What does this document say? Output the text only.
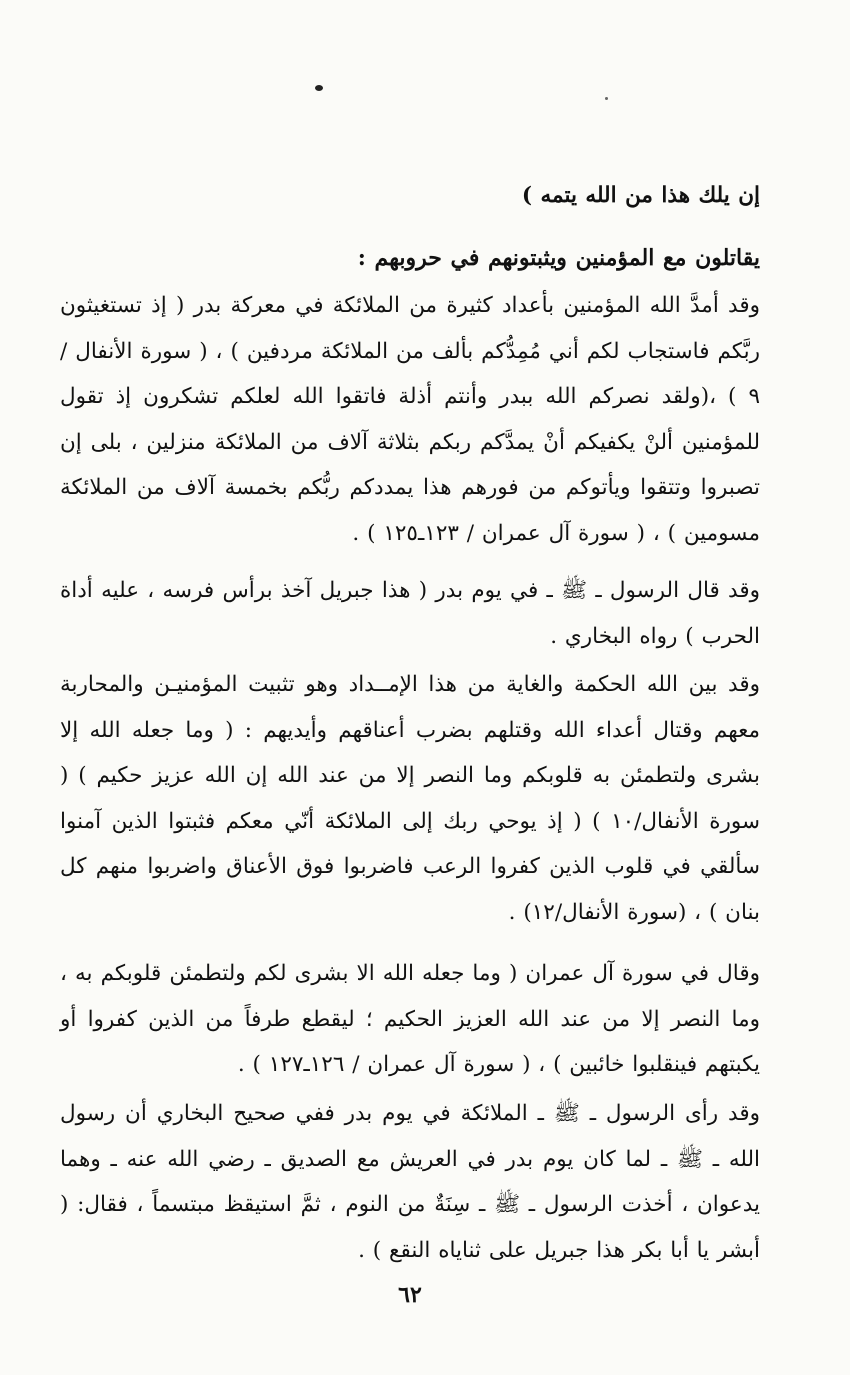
إن يلك هذا من الله يتمه )
يقاتلون مع المؤمنين ويثبتونهم في حروبهم :
وقد أمدَّ الله المؤمنين بأعداد كثيرة من الملائكة في معركة بدر ( إذ تستغيثون ربَّكم فاستجاب لكم أني مُمِدُّكم بألف من الملائكة مردفين ) ، ( سورة الأنفال / ٩ ) ،(ولقد نصركم الله ببدر وأنتم أذلة فاتقوا الله لعلكم تشكرون إذ تقول للمؤمنين ألنْ يكفيكم أنْ يمدَّكم ربكم بثلاثة آلاف من الملائكة منزلين ، بلى إن تصبروا وتتقوا ويأتوكم من فورهم هذا يمددكم ربُّكم بخمسة آلاف من الملائكة مسومين ) ، ( سورة آل عمران / ١٢٣ـ١٢٥ ) .
وقد قال الرسول ـ ﷺ ـ في يوم بدر ( هذا جبريل آخذ برأس فرسه ، عليه أداة الحرب ) رواه البخاري .
وقد بين الله الحكمة والغاية من هذا الإمــداد وهو تثبيت المؤمنيـن والمحاربة معهم وقتال أعداء الله وقتلهم بضرب أعناقهم وأيديهم : ( وما جعله الله إلا بشرى ولتطمئن به قلوبكم وما النصر إلا من عند الله إن الله عزيز حكيم ) ( سورة الأنفال/١٠ ) ( إذ يوحي ربك إلى الملائكة أنّي معكم فثبتوا الذين آمنوا سألقي في قلوب الذين كفروا الرعب فاضربوا فوق الأعناق واضربوا منهم كل بنان ) ، (سورة الأنفال/١٢) .
وقال في سورة آل عمران ( وما جعله الله الا بشرى لكم ولتطمئن قلوبكم به ، وما النصر إلا من عند الله العزيز الحكيم ؛ ليقطع طرفاً من الذين كفروا أو يكبتهم فينقلبوا خائبين ) ، ( سورة آل عمران / ١٢٦ـ١٢٧ ) .
وقد رأى الرسول ـ ﷺ ـ الملائكة في يوم بدر ففي صحيح البخاري أن رسول الله ـ ﷺ ـ لما كان يوم بدر في العريش مع الصديق ـ رضي الله عنه ـ وهما يدعوان ، أخذت الرسول ـ ﷺ ـ سِنَةٌ من النوم ، ثمَّ استيقظ مبتسماً ، فقال: ( أبشر يا أبا بكر هذا جبريل على ثناياه النقع ) .
٦٢
